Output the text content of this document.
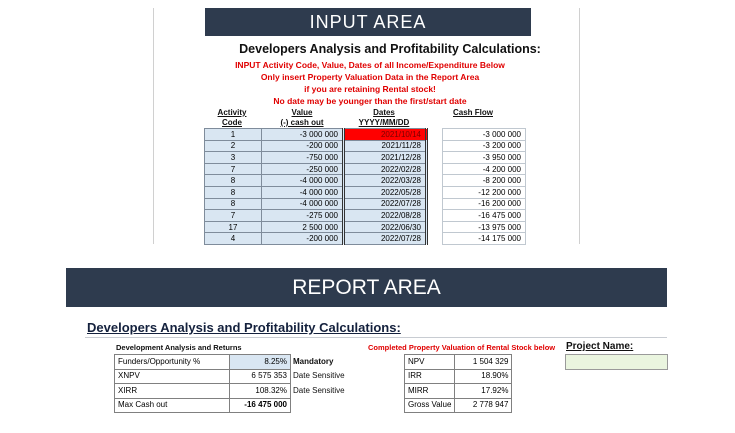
INPUT AREA
Developers Analysis and Profitability Calculations:
INPUT Activity Code, Value, Dates of all Income/Expenditure Below
Only insert Property Valuation Data in the Report Area
if you are retaining Rental stock!
No date may be younger than the first/start date
Activity
Code
Value
(-) cash out
Dates
YYYY/MM/DD
Cash Flow
1	-3 000 000	2021/10/14		-3 000 000
2	-200 000	2021/11/28		-3 200 000
3	-750 000	2021/12/28		-3 950 000
7	-250 000	2022/02/28		-4 200 000
8	-4 000 000	2022/03/28		-8 200 000
8	-4 000 000	2022/05/28		-12 200 000
8	-4 000 000	2022/07/28		-16 200 000
7	-275 000	2022/08/28		-16 475 000
17	2 500 000	2022/06/30		-13 975 000
4	-200 000	2022/07/28		-14 175 000
REPORT AREA
Developers Analysis and Profitability Calculations:
Development Analysis and Returns
Funders/Opportunity %	8.25%	Mandatory
XNPV	6 575 353	Date Sensitive
XIRR	108.32%	Date Sensitive
Max Cash out	-16 475 000	
Completed Property Valuation of Rental Stock below
NPV	1 504 329
IRR	18.90%
MIRR	17.92%
Gross Value	2 778 947
Project Name:
